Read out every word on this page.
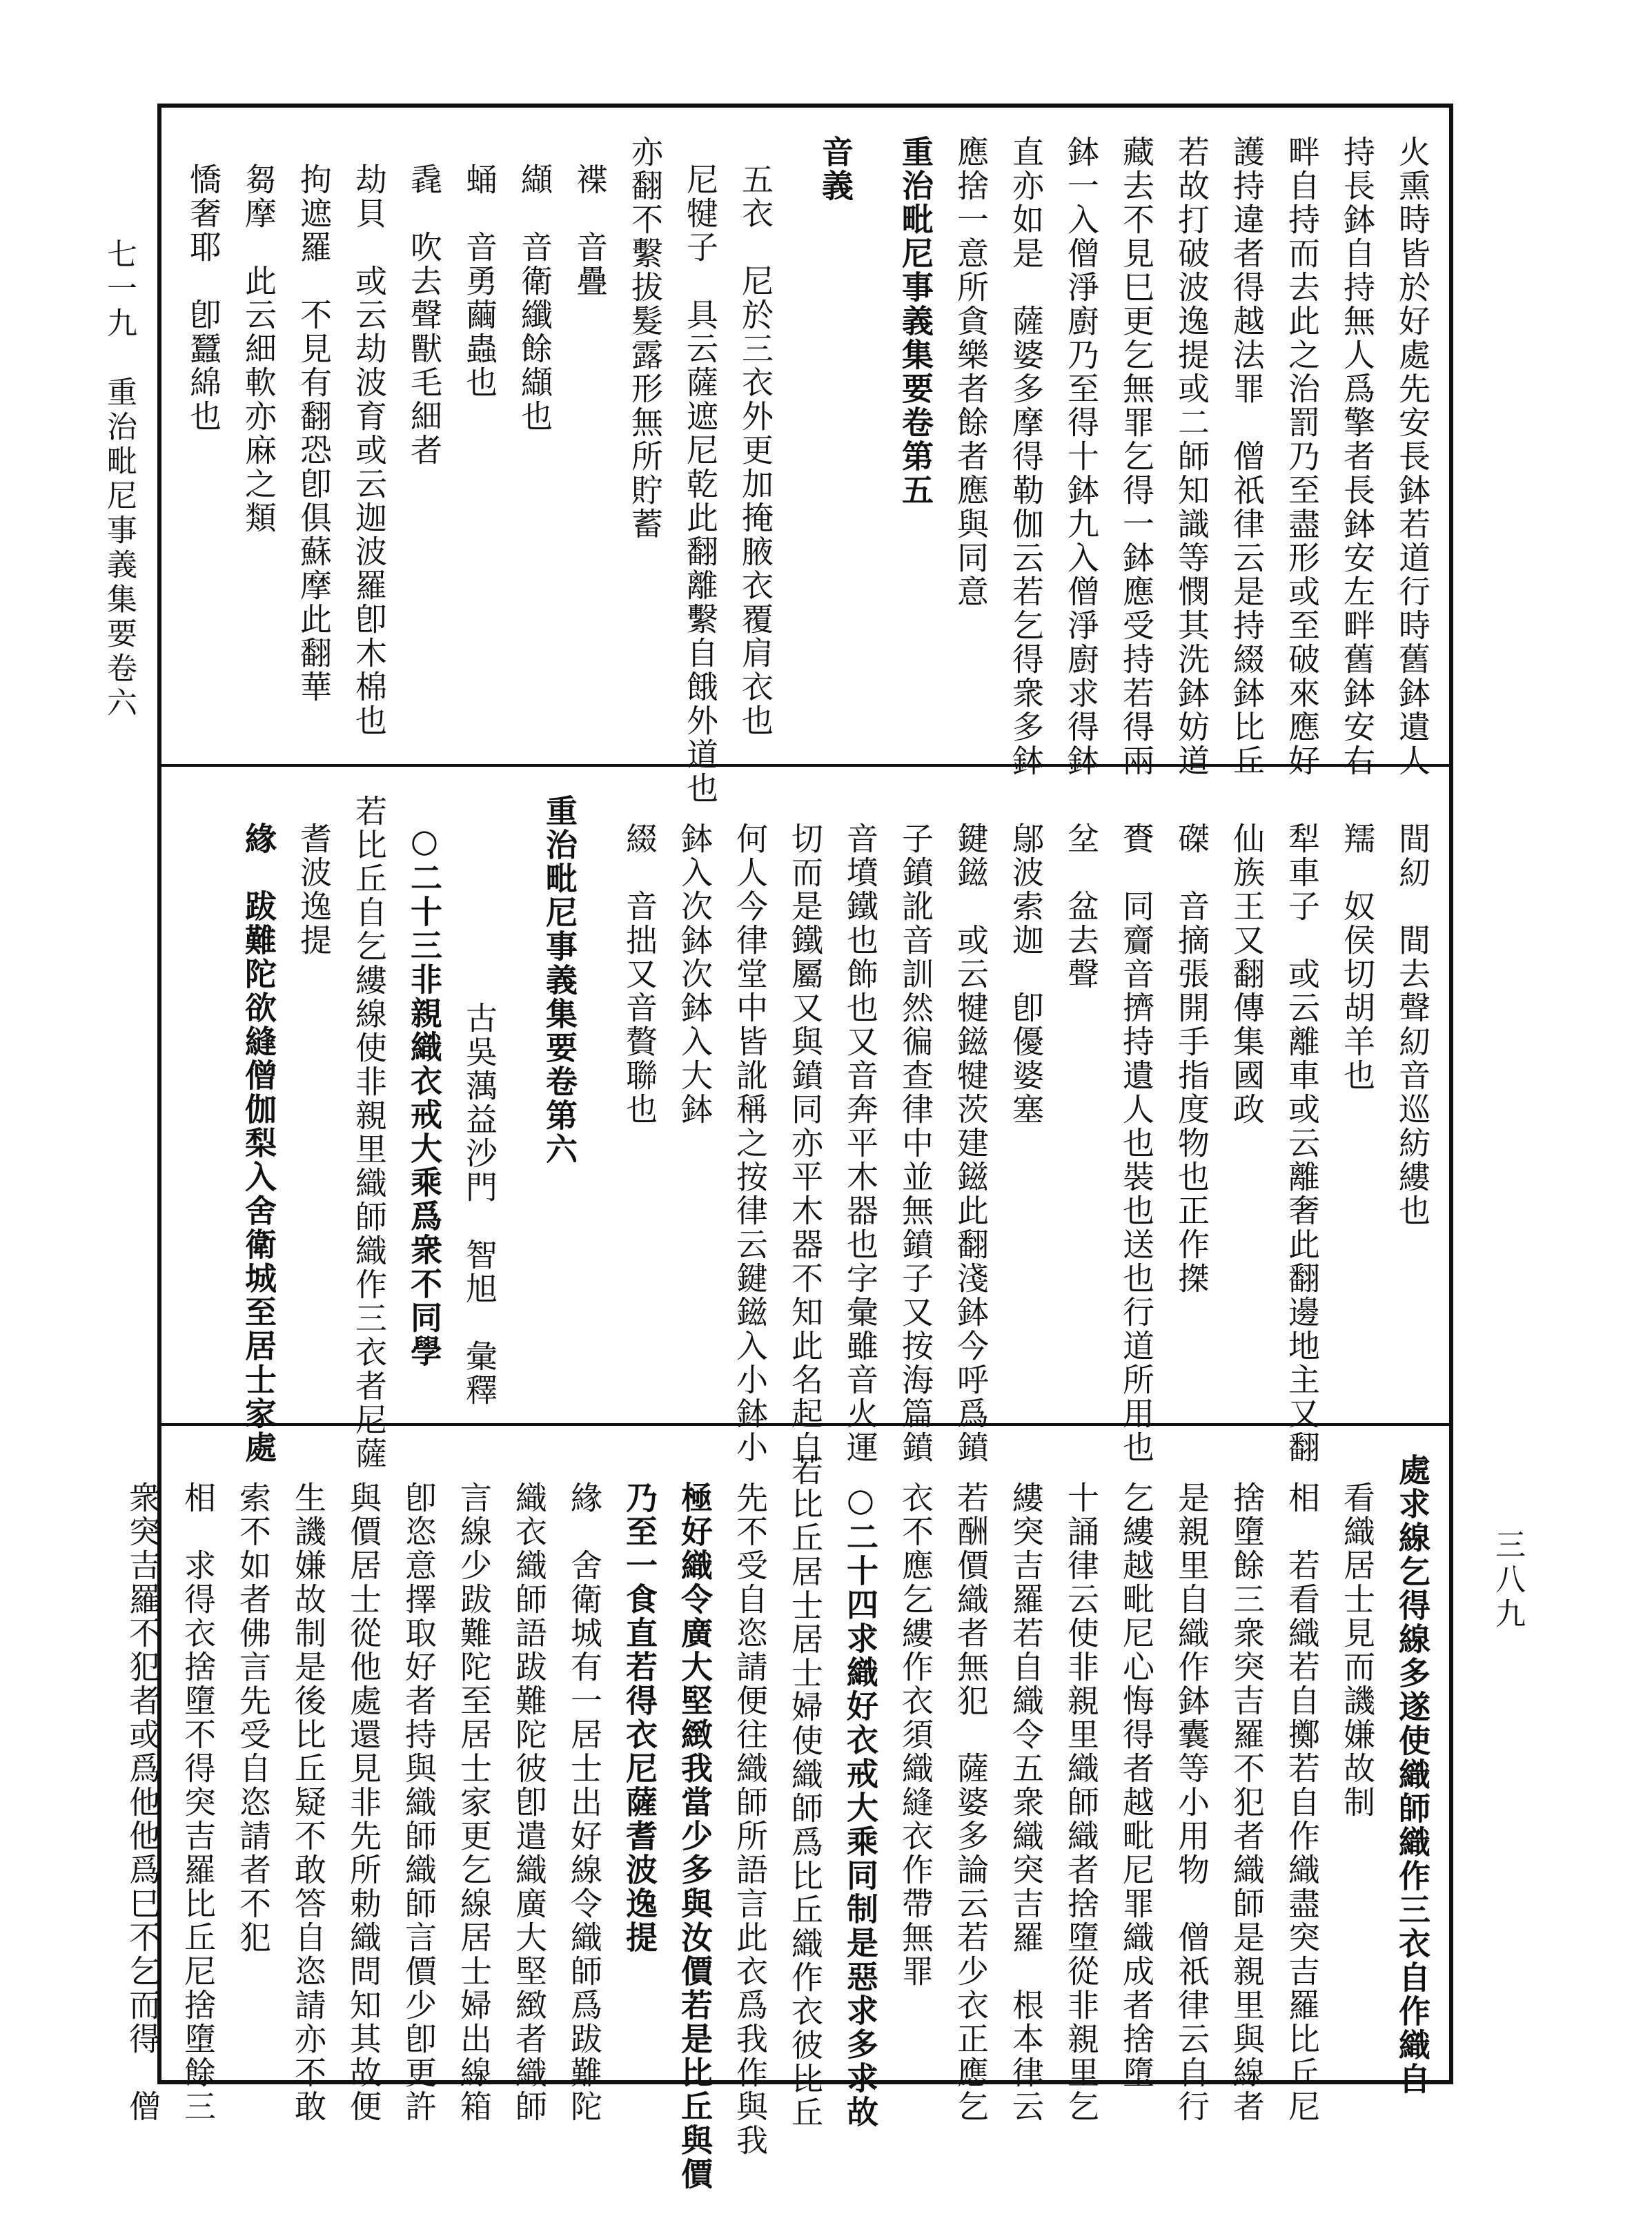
七一九　重治毗尼事義集要卷六
三八九
火熏時皆於好處先安長鉢若道行時舊鉢遺人
持長鉢自持無人爲擎者長鉢安左畔舊鉢安右
畔自持而去此之治罰乃至盡形或至破來應好
護持違者得越法罪　僧祇律云是持綴鉢比丘
若故打破波逸提或二師知識等憫其洗鉢妨道
藏去不見巳更乞無罪乞得一鉢應受持若得兩
鉢一入僧淨廚乃至得十鉢九入僧淨廚求得鉢
直亦如是　薩婆多摩得勒伽云若乞得衆多鉢
應捨一意所貪樂者餘者應與同意
重治毗尼事義集要卷第五
音義
五衣　尼於三衣外更加掩腋衣覆肩衣也
尼犍子　具云薩遮尼乾此翻離繫自餓外道也
亦翻不繫拔髮露形無所貯蓄
褋　音疊
纈　音衛纖餘纈也
蛹　音勇繭蟲也
毳　吹去聲獸毛細者
劫貝　或云劫波育或云迦波羅卽木棉也
拘遮羅　不見有翻恐卽俱蘇摩此翻華
芻摩　此云細軟亦麻之類
憍奢耶　卽蠶綿也
間糿　間去聲糿音巡紡縷也
羺　奴侯切胡羊也
犁車子　或云離車或云離奢此翻邊地主又翻
仙族王又翻傳集國政
磔　音摘張開手指度物也正作搩
賚　同齎音擠持遺人也裝也送也行道所用也
坌　盆去聲
鄔波索迦　卽優婆塞
鍵鎡　或云犍鎡犍茨建鎡此翻淺鉢今呼爲鐼
子鐼訛音訓然徧查律中並無鐼子又按海篇鐼
音墳鐵也飾也又音奔平木器也字彙雖音火運
切而是鐵屬又與鐼同亦平木器不知此名起自
何人今律堂中皆訛稱之按律云鍵鎡入小鉢小
鉢入次鉢次鉢入大鉢
綴　音拙又音贅聯也
重治毗尼事義集要卷第六
古吳蕅益沙門　智旭　彙釋
○二十三非親織衣戒大乘爲衆不同學
若比丘自乞縷線使非親里織師織作三衣者尼薩
耆波逸提
緣　跋難陀欲縫僧伽梨入舍衛城至居士家處
處求線乞得線多遂使織師織作三衣自作織自
看織居士見而譏嫌故制
相　若看織若自擲若自作織盡突吉羅比丘尼
捨墮餘三衆突吉羅不犯者織師是親里與線者
是親里自織作鉢囊等小用物　僧祇律云自行
乞縷越毗尼心悔得者越毗尼罪織成者捨墮
十誦律云使非親里織師織者捨墮從非親里乞
縷突吉羅若自織令五衆織突吉羅　根本律云
若酬價織者無犯　薩婆多論云若少衣正應乞
衣不應乞縷作衣須織縫衣作帶無罪
○二十四求織好衣戒大乘同制是惡求多求故
若比丘居士居士婦使織師爲比丘織作衣彼比丘
先不受自恣請便往織師所語言此衣爲我作與我
極好織令廣大堅緻我當少多與汝價若是比丘與價
乃至一食直若得衣尼薩耆波逸提
緣　舍衛城有一居士出好線令織師爲跋難陀
織衣織師語跋難陀彼卽遣織廣大堅緻者織師
言線少跋難陀至居士家更乞線居士婦出線箱
卽恣意擇取好者持與織師織師言價少卽更許
與價居士從他處還見非先所勅織問知其故便
生譏嫌故制是後比丘疑不敢答自恣請亦不敢
索不如者佛言先受自恣請者不犯
相　求得衣捨墮不得突吉羅比丘尼捨墮餘三
衆突吉羅不犯者或爲他他爲巳不乞而得　僧
